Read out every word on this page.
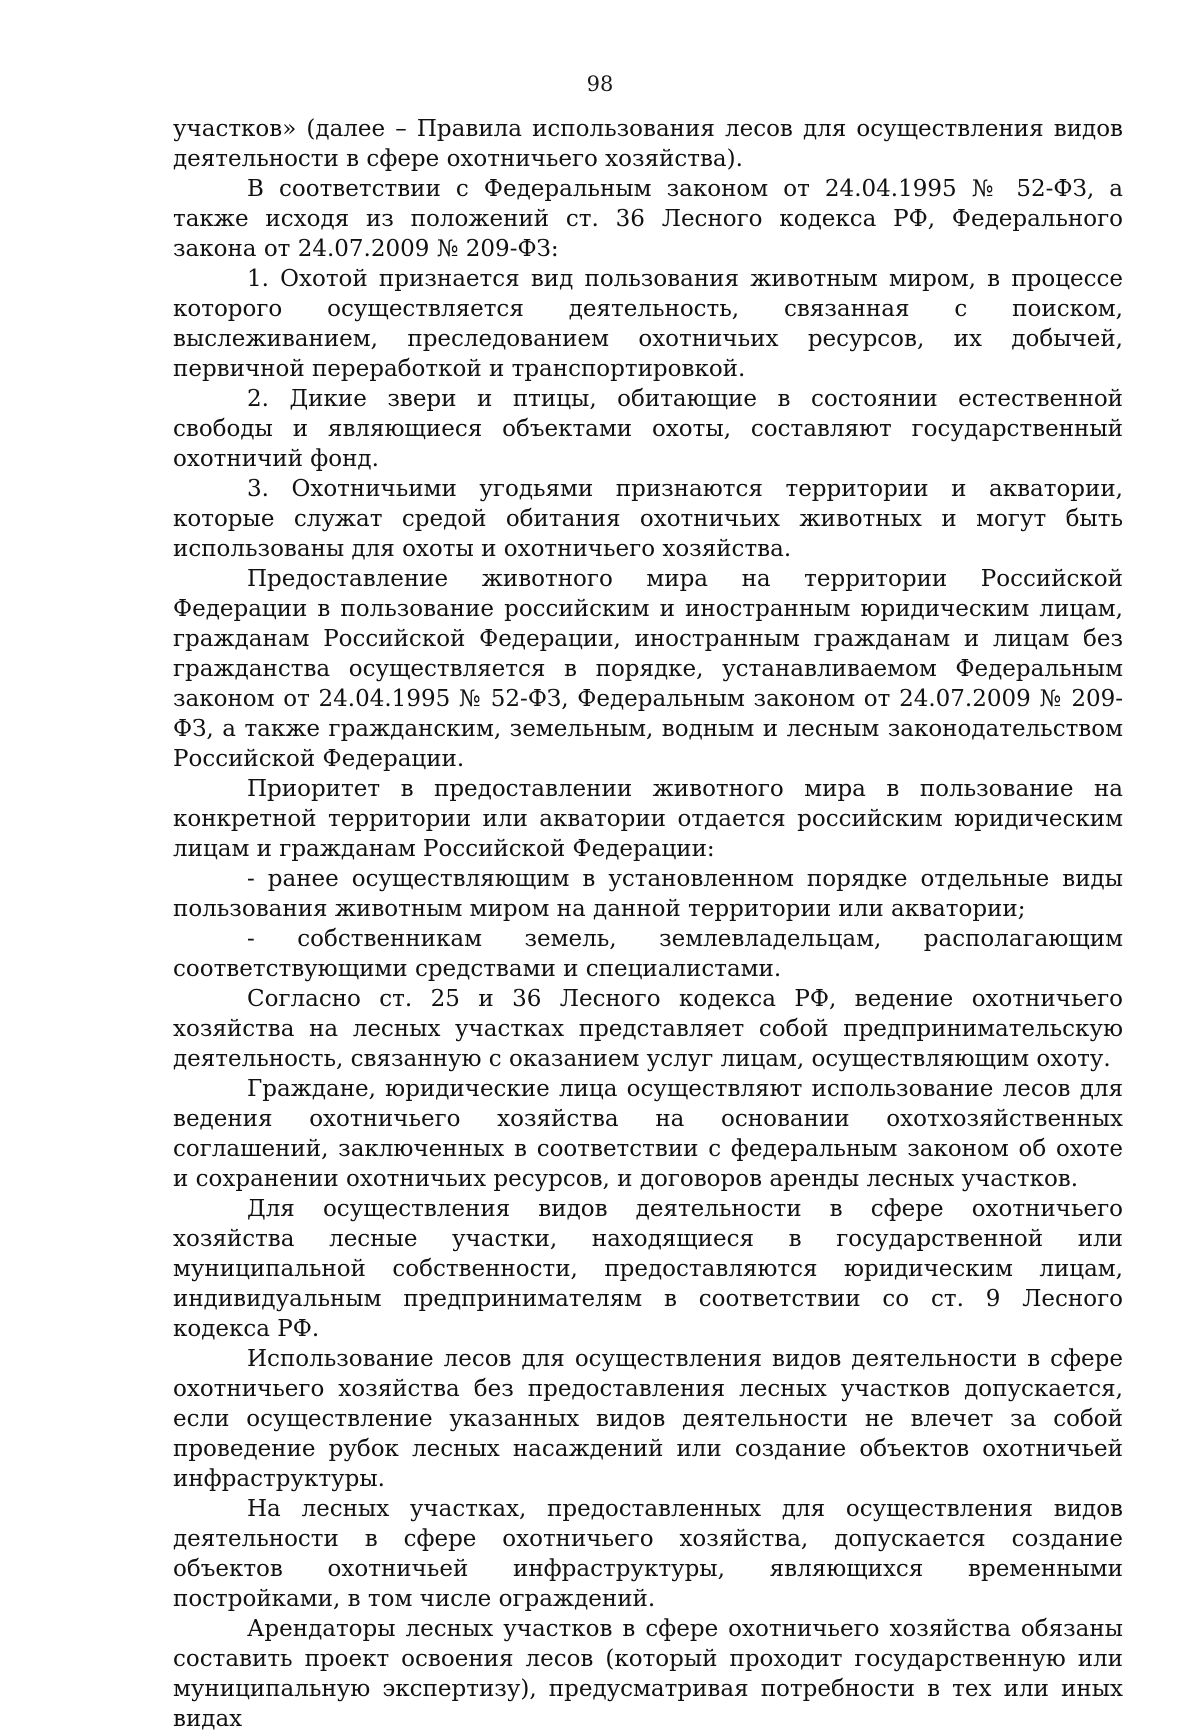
98

участков» (далее – Правила использования лесов для осуществления видов деятельности в сфере охотничьего хозяйства).

В соответствии с Федеральным законом от 24.04.1995 № 52-ФЗ, а также исходя из положений ст. 36 Лесного кодекса РФ, Федерального закона от 24.07.2009 № 209-ФЗ:

1. Охотой признается вид пользования животным миром, в процессе которого осуществляется деятельность, связанная с поиском, выслеживанием, преследованием охотничьих ресурсов, их добычей, первичной переработкой и транспортировкой.

2. Дикие звери и птицы, обитающие в состоянии естественной свободы и являющиеся объектами охоты, составляют государственный охотничий фонд.

3. Охотничьими угодьями признаются территории и акватории, которые служат средой обитания охотничьих животных и могут быть использованы для охоты и охотничьего хозяйства.

Предоставление животного мира на территории Российской Федерации в пользование российским и иностранным юридическим лицам, гражданам Российской Федерации, иностранным гражданам и лицам без гражданства осуществляется в порядке, устанавливаемом Федеральным законом от 24.04.1995 № 52-ФЗ, Федеральным законом от 24.07.2009 № 209-ФЗ, а также гражданским, земельным, водным и лесным законодательством Российской Федерации.

Приоритет в предоставлении животного мира в пользование на конкретной территории или акватории отдается российским юридическим лицам и гражданам Российской Федерации:

- ранее осуществляющим в установленном порядке отдельные виды пользования животным миром на данной территории или акватории;

- собственникам земель, землевладельцам, располагающим соответствующими средствами и специалистами.

Согласно ст. 25 и 36 Лесного кодекса РФ, ведение охотничьего хозяйства на лесных участках представляет собой предпринимательскую деятельность, связанную с оказанием услуг лицам, осуществляющим охоту.

Граждане, юридические лица осуществляют использование лесов для ведения охотничьего хозяйства на основании охотхозяйственных соглашений, заключенных в соответствии с федеральным законом об охоте и сохранении охотничьих ресурсов, и договоров аренды лесных участков.

Для осуществления видов деятельности в сфере охотничьего хозяйства лесные участки, находящиеся в государственной или муниципальной собственности, предоставляются юридическим лицам, индивидуальным предпринимателям в соответствии со ст. 9 Лесного кодекса РФ.

Использование лесов для осуществления видов деятельности в сфере охотничьего хозяйства без предоставления лесных участков допускается, если осуществление указанных видов деятельности не влечет за собой проведение рубок лесных насаждений или создание объектов охотничьей инфраструктуры.

На лесных участках, предоставленных для осуществления видов деятельности в сфере охотничьего хозяйства, допускается создание объектов охотничьей инфраструктуры, являющихся временными постройками, в том числе ограждений.

Арендаторы лесных участков в сфере охотничьего хозяйства обязаны составить проект освоения лесов (который проходит государственную или муниципальную экспертизу), предусматривая потребности в тех или иных видах
